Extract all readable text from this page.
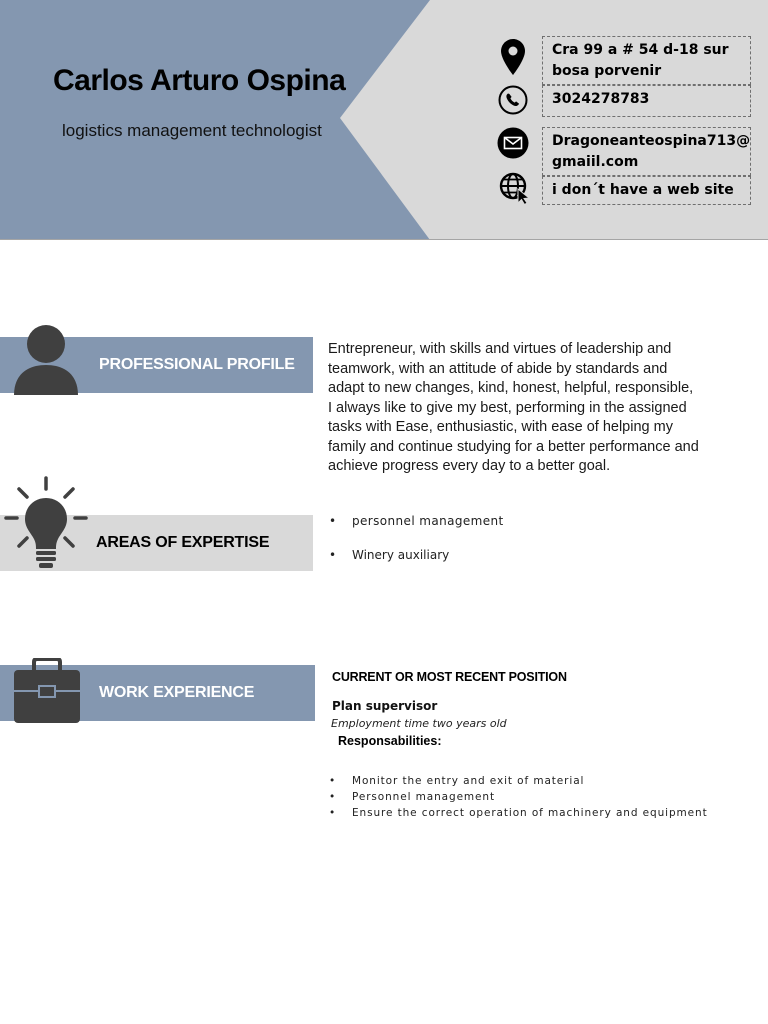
Carlos Arturo Ospina
logistics management technologist
Cra 99 a # 54 d-18 sur
bosa porvenir
3024278783
Dragoneanteospina713@
gmaiil.com
i don´t have a web site
PROFESSIONAL PROFILE
Entrepreneur, with skills and virtues of leadership and
teamwork, with an attitude of abide by standards and
adapt to new changes, kind, honest, helpful, responsible,
I always like to give my best, performing in the assigned
tasks with Ease, enthusiastic, with ease of helping my
family and continue studying for a better performance and
achieve progress every day to a better goal.
AREAS OF EXPERTISE
• personnel management
• Winery auxiliary
WORK EXPERIENCE
CURRENT OR MOST RECENT POSITION
Plan supervisor
Employment time two years old
Responsabilities:
• Monitor the entry and exit of material
• Personnel management
• Ensure the correct operation of machinery and equipment
